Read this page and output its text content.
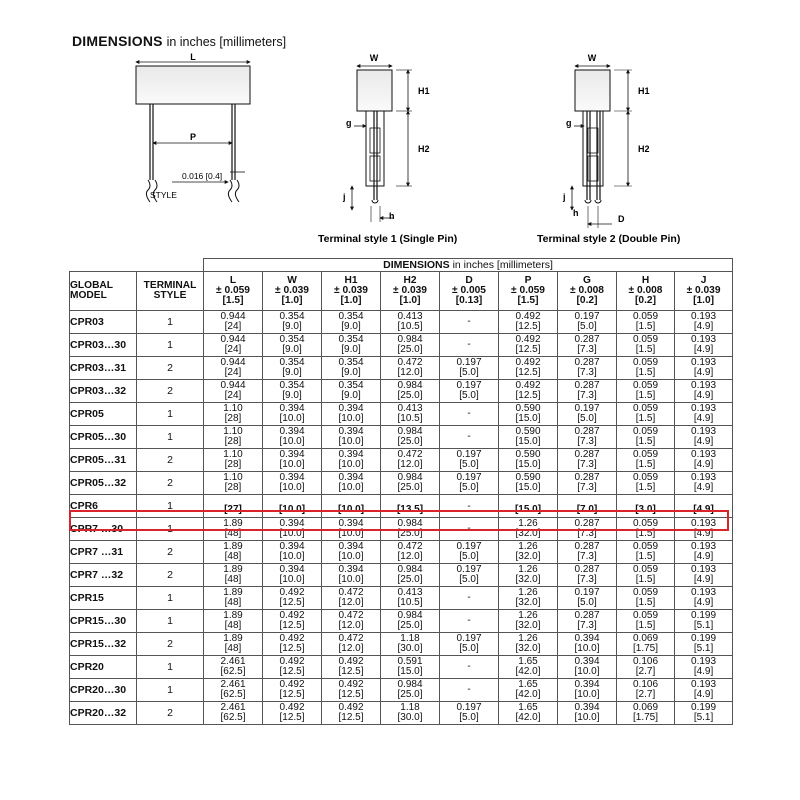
DIMENSIONS in inches [millimeters]
L
P
0.016 [0.4]
STYLE
W
H1
H2
g
j
h
Terminal style 1 (Single Pin)
W
H1
H2
g
j
h
D
Terminal style 2 (Double Pin)
		DIMENSIONS in inches [millimeters]								

GLOBAL
MODEL	TERMINAL
STYLE	L
± 0.059
[1.5]	W
± 0.039
[1.0]	H1
± 0.039
[1.0]	H2
± 0.039
[1.0]	D
± 0.005
[0.13]	P
± 0.059
[1.5]	G
± 0.008
[0.2]	H
± 0.008
[0.2]	J
± 0.039
[1.0]

CPR03	1	0.944
[24]	0.354
[9.0]	0.354
[9.0]	0.413
[10.5]	-	0.492
[12.5]	0.197
[5.0]	0.059
[1.5]	0.193
[4.9]

CPR03…30	1	0.944
[24]	0.354
[9.0]	0.354
[9.0]	0.984
[25.0]	-	0.492
[12.5]	0.287
[7.3]	0.059
[1.5]	0.193
[4.9]

CPR03…31	2	0.944
[24]	0.354
[9.0]	0.354
[9.0]	0.472
[12.0]	0.197
[5.0]	0.492
[12.5]	0.287
[7.3]	0.059
[1.5]	0.193
[4.9]

CPR03…32	2	0.944
[24]	0.354
[9.0]	0.354
[9.0]	0.984
[25.0]	0.197
[5.0]	0.492
[12.5]	0.287
[7.3]	0.059
[1.5]	0.193
[4.9]

CPR05	1	1.10
[28]	0.394
[10.0]	0.394
[10.0]	0.413
[10.5]	-	0.590
[15.0]	0.197
[5.0]	0.059
[1.5]	0.193
[4.9]

CPR05…30	1	1.10
[28]	0.394
[10.0]	0.394
[10.0]	0.984
[25.0]	-	0.590
[15.0]	0.287
[7.3]	0.059
[1.5]	0.193
[4.9]

CPR05…31	2	1.10
[28]	0.394
[10.0]	0.394
[10.0]	0.472
[12.0]	0.197
[5.0]	0.590
[15.0]	0.287
[7.3]	0.059
[1.5]	0.193
[4.9]

CPR05…32	2	1.10
[28]	0.394
[10.0]	0.394
[10.0]	0.984
[25.0]	0.197
[5.0]	0.590
[15.0]	0.287
[7.3]	0.059
[1.5]	0.193
[4.9]

CPR6	1	[27]	[10.0]	[10.0]	[13.5]	-	[15.0]	[7.0]	[3.0]	[4.9]

CPR7 …30	1	1.89
[48]	0.394
[10.0]	0.394
[10.0]	0.984
[25.0]	-	1.26
[32.0]	0.287
[7.3]	0.059
[1.5]	0.193
[4.9]

CPR7 …31	2	1.89
[48]	0.394
[10.0]	0.394
[10.0]	0.472
[12.0]	0.197
[5.0]	1.26
[32.0]	0.287
[7.3]	0.059
[1.5]	0.193
[4.9]

CPR7 …32	2	1.89
[48]	0.394
[10.0]	0.394
[10.0]	0.984
[25.0]	0.197
[5.0]	1.26
[32.0]	0.287
[7.3]	0.059
[1.5]	0.193
[4.9]

CPR15	1	1.89
[48]	0.492
[12.5]	0.472
[12.0]	0.413
[10.5]	-	1.26
[32.0]	0.197
[5.0]	0.059
[1.5]	0.193
[4.9]

CPR15…30	1	1.89
[48]	0.492
[12.5]	0.472
[12.0]	0.984
[25.0]	-	1.26
[32.0]	0.287
[7.3]	0.059
[1.5]	0.199
[5.1]

CPR15…32	2	1.89
[48]	0.492
[12.5]	0.472
[12.0]	1.18
[30.0]	0.197
[5.0]	1.26
[32.0]	0.394
[10.0]	0.069
[1.75]	0.199
[5.1]

CPR20	1	2.461
[62.5]	0.492
[12.5]	0.492
[12.5]	0.591
[15.0]	-	1.65
[42.0]	0.394
[10.0]	0.106
[2.7]	0.193
[4.9]

CPR20…30	1	2.461
[62.5]	0.492
[12.5]	0.492
[12.5]	0.984
[25.0]	-	1.65
[42.0]	0.394
[10.0]	0.106
[2.7]	0.193
[4.9]

CPR20…32	2	2.461
[62.5]	0.492
[12.5]	0.492
[12.5]	1.18
[30.0]	0.197
[5.0]	1.65
[42.0]	0.394
[10.0]	0.069
[1.75]	0.199
[5.1]
